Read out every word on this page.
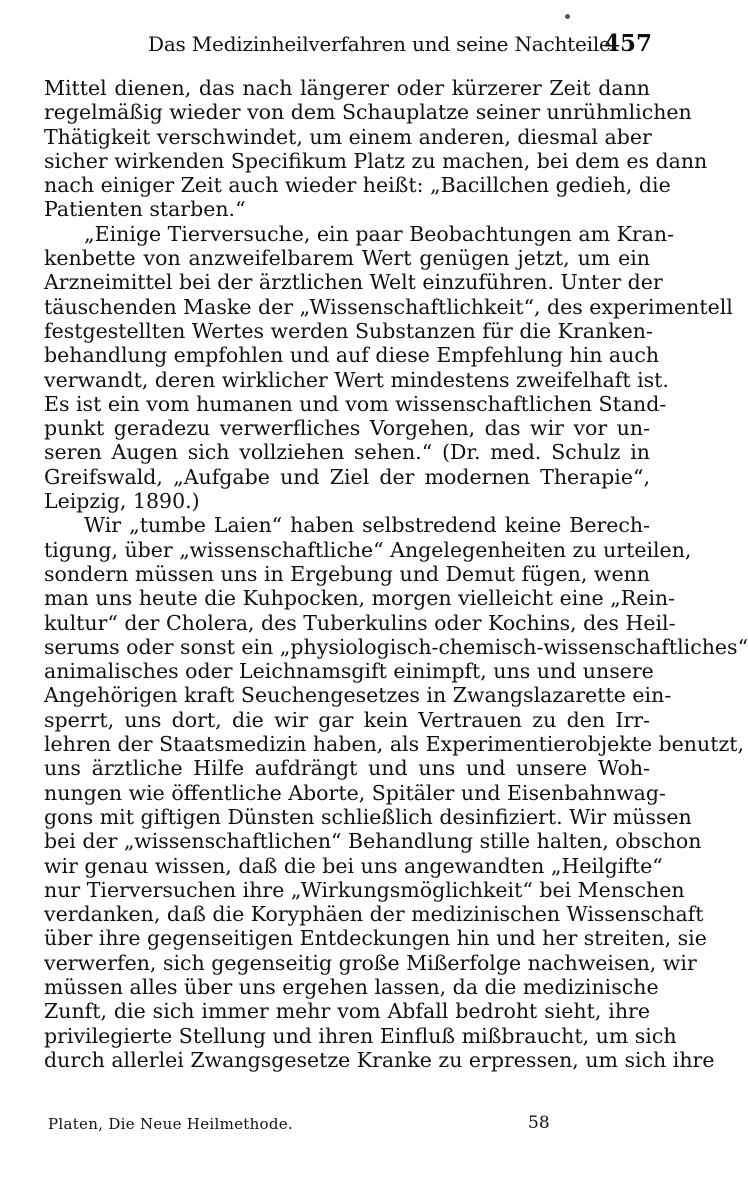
Das Medizinheilverfahren und seine Nachteile.
457
Mittel dienen, das nach längerer oder kürzerer Zeit dann
regelmäßig wieder von dem Schauplatze seiner unrühmlichen
Thätigkeit verschwindet, um einem anderen, diesmal aber
sicher wirkenden Specifikum Platz zu machen, bei dem es dann
nach einiger Zeit auch wieder heißt: „Bacillchen gedieh, die
Patienten starben.“
„Einige Tierversuche, ein paar Beobachtungen am Kran-
kenbette von anzweifelbarem Wert genügen jetzt, um ein
Arzneimittel bei der ärztlichen Welt einzuführen. Unter der
täuschenden Maske der „Wissenschaftlichkeit“, des experimentell
festgestellten Wertes werden Substanzen für die Kranken-
behandlung empfohlen und auf diese Empfehlung hin auch
verwandt, deren wirklicher Wert mindestens zweifelhaft ist.
Es ist ein vom humanen und vom wissenschaftlichen Stand-
punkt geradezu verwerfliches Vorgehen, das wir vor un-
seren Augen sich vollziehen sehen.“ (Dr. med. Schulz in
Greifswald, „Aufgabe und Ziel der modernen Therapie“,
Leipzig, 1890.)
Wir „tumbe Laien“ haben selbstredend keine Berech-
tigung, über „wissenschaftliche“ Angelegenheiten zu urteilen,
sondern müssen uns in Ergebung und Demut fügen, wenn
man uns heute die Kuhpocken, morgen vielleicht eine „Rein-
kultur“ der Cholera, des Tuberkulins oder Kochins, des Heil-
serums oder sonst ein „physiologisch-chemisch-wissenschaftliches“
animalisches oder Leichnamsgift einimpft, uns und unsere
Angehörigen kraft Seuchengesetzes in Zwangslazarette ein-
sperrt, uns dort, die wir gar kein Vertrauen zu den Irr-
lehren der Staatsmedizin haben, als Experimentierobjekte benutzt,
uns ärztliche Hilfe aufdrängt und uns und unsere Woh-
nungen wie öffentliche Aborte, Spitäler und Eisenbahnwag-
gons mit giftigen Dünsten schließlich desinfiziert. Wir müssen
bei der „wissenschaftlichen“ Behandlung stille halten, obschon
wir genau wissen, daß die bei uns angewandten „Heilgifte“
nur Tierversuchen ihre „Wirkungsmöglichkeit“ bei Menschen
verdanken, daß die Koryphäen der medizinischen Wissenschaft
über ihre gegenseitigen Entdeckungen hin und her streiten, sie
verwerfen, sich gegenseitig große Mißerfolge nachweisen, wir
müssen alles über uns ergehen lassen, da die medizinische
Zunft, die sich immer mehr vom Abfall bedroht sieht, ihre
privilegierte Stellung und ihren Einfluß mißbraucht, um sich
durch allerlei Zwangsgesetze Kranke zu erpressen, um sich ihre
Platen, Die Neue Heilmethode.	58
